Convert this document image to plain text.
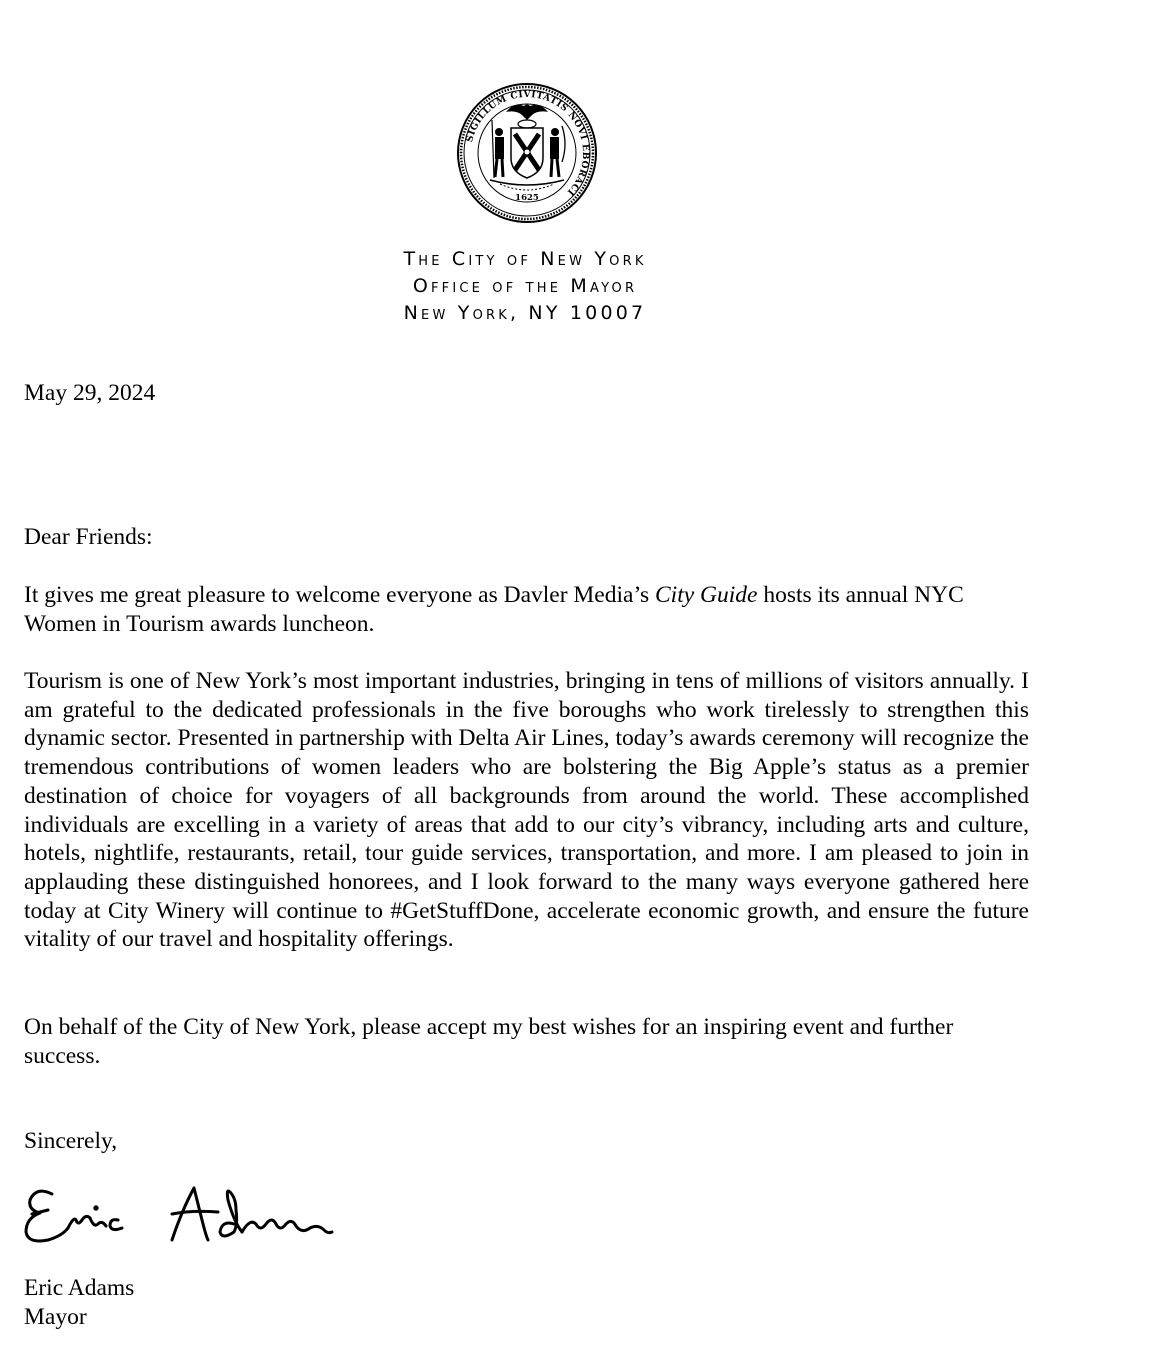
SIGILLUM CIVITATIS NOVI EBORACI
1625
The City of New York
Office of the Mayor
New York, NY 10007
May 29, 2024
Dear Friends:
It gives me great pleasure to welcome everyone as Davler Media’s City Guide hosts its annual NYC Women in Tourism awards luncheon.
Tourism is one of New York’s most important industries, bringing in tens of millions of visitors annually. I am grateful to the dedicated professionals in the five boroughs who work tirelessly to strengthen this dynamic sector. Presented in partnership with Delta Air Lines, today’s awards ceremony will recognize the tremendous contributions of women leaders who are bolstering the Big Apple’s status as a premier destination of choice for voyagers of all backgrounds from around the world. These accomplished individuals are excelling in a variety of areas that add to our city’s vibrancy, including arts and culture, hotels, nightlife, restaurants, retail, tour guide services, transportation, and more. I am pleased to join in applauding these distinguished honorees, and I look forward to the many ways everyone gathered here today at City Winery will continue to #GetStuffDone, accelerate economic growth, and ensure the future vitality of our travel and hospitality offerings.
On behalf of the City of New York, please accept my best wishes for an inspiring event and further success.
Sincerely,
Eric Adams
Eric Adams
Mayor
